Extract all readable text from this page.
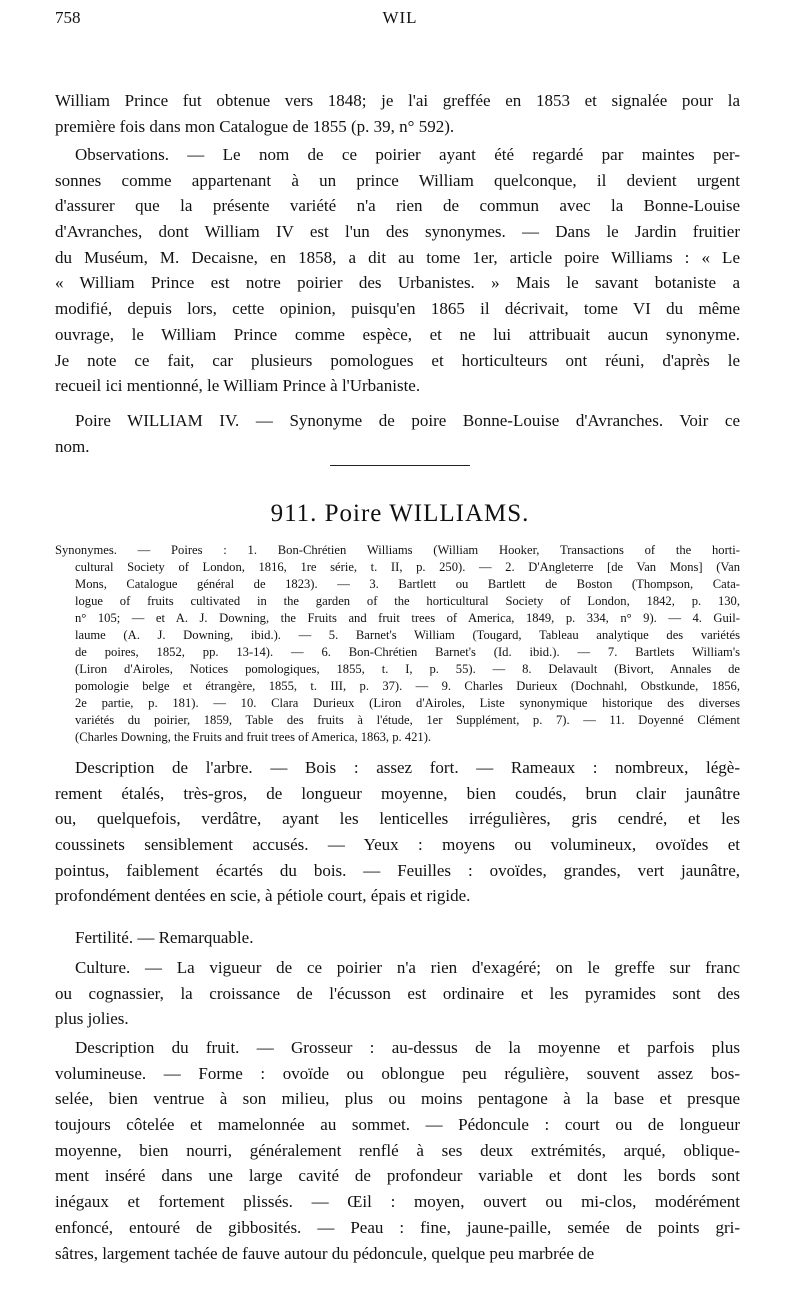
758	WIL
William Prince fut obtenue vers 1848; je l'ai greffée en 1853 et signalée pour la
première fois dans mon Catalogue de 1855 (p. 39, n° 592).
Observations. — Le nom de ce poirier ayant été regardé par maintes per-
sonnes comme appartenant à un prince William quelconque, il devient urgent
d'assurer que la présente variété n'a rien de commun avec la Bonne-Louise
d'Avranches, dont William IV est l'un des synonymes. — Dans le Jardin fruitier
du Muséum, M. Decaisne, en 1858, a dit au tome 1er, article poire Williams : « Le
« William Prince est notre poirier des Urbanistes. » Mais le savant botaniste a
modifié, depuis lors, cette opinion, puisqu'en 1865 il décrivait, tome VI du même
ouvrage, le William Prince comme espèce, et ne lui attribuait aucun synonyme.
Je note ce fait, car plusieurs pomologues et horticulteurs ont réuni, d'après le
recueil ici mentionné, le William Prince à l'Urbaniste.
Poire WILLIAM IV. — Synonyme de poire Bonne-Louise d'Avranches. Voir ce
nom.
911. Poire WILLIAMS.
Synonymes. — Poires : 1. Bon-Chrétien Williams (William Hooker, Transactions of the horti-
cultural Society of London, 1816, 1re série, t. II, p. 250). — 2. D'Angleterre [de Van Mons] (Van
Mons, Catalogue général de 1823). — 3. Bartlett ou Bartlett de Boston (Thompson, Cata-
logue of fruits cultivated in the garden of the horticultural Society of London, 1842, p. 130,
n° 105; — et A. J. Downing, the Fruits and fruit trees of America, 1849, p. 334, n° 9). — 4. Guil-
laume (A. J. Downing, ibid.). — 5. Barnet's William (Tougard, Tableau analytique des variétés
de poires, 1852, pp. 13-14). — 6. Bon-Chrétien Barnet's (Id. ibid.). — 7. Bartlets William's
(Liron d'Airoles, Notices pomologiques, 1855, t. I, p. 55). — 8. Delavault (Bivort, Annales de
pomologie belge et étrangère, 1855, t. III, p. 37). — 9. Charles Durieux (Dochnahl, Obstkunde, 1856,
2e partie, p. 181). — 10. Clara Durieux (Liron d'Airoles, Liste synonymique historique des diverses
variétés du poirier, 1859, Table des fruits à l'étude, 1er Supplément, p. 7). — 11. Doyenné Clément
(Charles Downing, the Fruits and fruit trees of America, 1863, p. 421).
Description de l'arbre. — Bois : assez fort. — Rameaux : nombreux, légè-
rement étalés, très-gros, de longueur moyenne, bien coudés, brun clair jaunâtre
ou, quelquefois, verdâtre, ayant les lenticelles irrégulières, gris cendré, et les
coussinets sensiblement accusés. — Yeux : moyens ou volumineux, ovoïdes et
pointus, faiblement écartés du bois. — Feuilles : ovoïdes, grandes, vert jaunâtre,
profondément dentées en scie, à pétiole court, épais et rigide.
Fertilité. — Remarquable.
Culture. — La vigueur de ce poirier n'a rien d'exagéré; on le greffe sur franc
ou cognassier, la croissance de l'écusson est ordinaire et les pyramides sont des
plus jolies.
Description du fruit. — Grosseur : au-dessus de la moyenne et parfois plus
volumineuse. — Forme : ovoïde ou oblongue peu régulière, souvent assez bos-
selée, bien ventrue à son milieu, plus ou moins pentagone à la base et presque
toujours côtelée et mamelonnée au sommet. — Pédoncule : court ou de longueur
moyenne, bien nourri, généralement renflé à ses deux extrémités, arqué, oblique-
ment inséré dans une large cavité de profondeur variable et dont les bords sont
inégaux et fortement plissés. — Œil : moyen, ouvert ou mi-clos, modérément
enfoncé, entouré de gibbosités. — Peau : fine, jaune-paille, semée de points gri-
sâtres, largement tachée de fauve autour du pédoncule, quelque peu marbrée de
